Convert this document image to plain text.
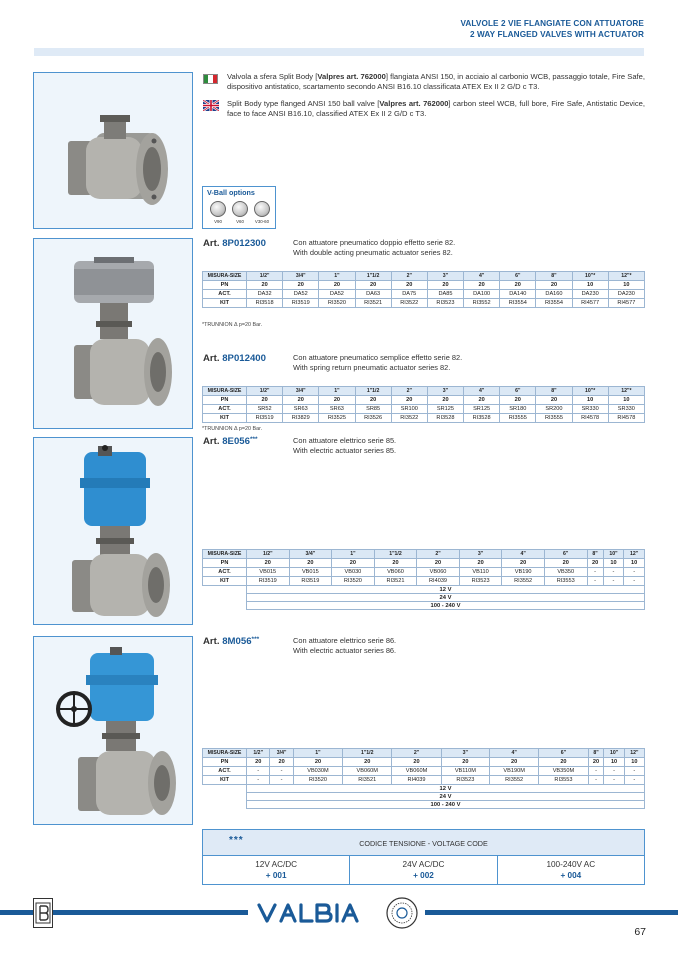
VALVOLE 2 VIE FLANGIATE CON ATTUATORE
2 WAY FLANGED VALVES WITH ACTUATOR
Valvola a sfera Split Body [Valpres art. 762000] flangiata ANSI 150, in acciaio al carbonio WCB, passaggio totale, Fire Safe, dispositivo antistatico, scartamento secondo ANSI B16.10 classificata ATEX Ex II 2 G/D c T3.
Split Body type flanged ANSI 150 ball valve [Valpres art. 762000] carbon steel WCB, full bore, Fire Safe, Antistatic Device, face to face ANSI B16.10, classified ATEX Ex II 2 G/D c T3.
V-Ball options
V90	V60	V30-60
Art. 8P012300	Con attuatore pneumatico doppio effetto serie 82.
With double acting pneumatic actuator series 82.
MISURA-SIZE	1/2"	3/4"	1"	1"1/2	2"	3"	4"	6"	8"	10"*	12"*
PN	20	20	20	20	20	20	20	20	20	10	10
ACT.	DA32	DA52	DA52	DA63	DA75	DA85	DA100	DA140	DA160	DA230	DA230
KIT	RI3518	RI3519	RI3520	RI3521	RI3522	RI3523	RI3552	RI3554	RI3554	RI4577	RI4577
*TRUNNION Δ p=20 Bar.
Art. 8P012400	Con attuatore pneumatico semplice effetto serie 82.
With spring return pneumatic actuator series 82.
MISURA-SIZE	1/2"	3/4"	1"	1"1/2	2"	3"	4"	6"	8"	10"*	12"*
PN	20	20	20	20	20	20	20	20	20	10	10
ACT.	SR52	SR63	SR63	SR85	SR100	SR125	SR125	SR180	SR200	SR330	SR330
KIT	RI3519	RI3829	RI3525	RI3526	RI3522	RI3528	RI3528	RI3555	RI3555	RI4578	RI4578
*TRUNNION Δ p=20 Bar.
Art. 8E056***	Con attuatore elettrico serie 85.
With electric actuator series 85.
MISURA-SIZE	1/2"	3/4"	1"	1"1/2	2"	3"	4"	6"	8"	10"	12"
PN	20	20	20	20	20	20	20	20	20	10	10
ACT.	VB015	VB015	VB030	VB060	VB060	VB110	VB190	VB350	-	-	-
KIT	RI3519	RI3519	RI3520	RI3521	RI4039	RI3523	RI3552	RI3553	-	-	-
	12 V										
	24 V										
	100 - 240 V										
Art. 8M056***	Con attuatore elettrico serie 86.
With electric actuator series 86.
MISURA-SIZE	1/2"	3/4"	1"	1"1/2	2"	3"	4"	6"	8"	10"	12"
PN	20	20	20	20	20	20	20	20	20	10	10
ACT.	-	-	VB030M	VB060M	VB060M	VB110M	VB190M	VB350M	-	-	-
KIT	-	-	RI3520	RI3521	RI4039	RI3523	RI3552	RI3553	-	-	-
	12 V										
	24 V										
	100 - 240 V										
***	CODICE TENSIONE - VOLTAGE CODE
12V AC/DC
+ 001
24V AC/DC
+ 002
100-240V AC
+ 004
VALBIA	67
